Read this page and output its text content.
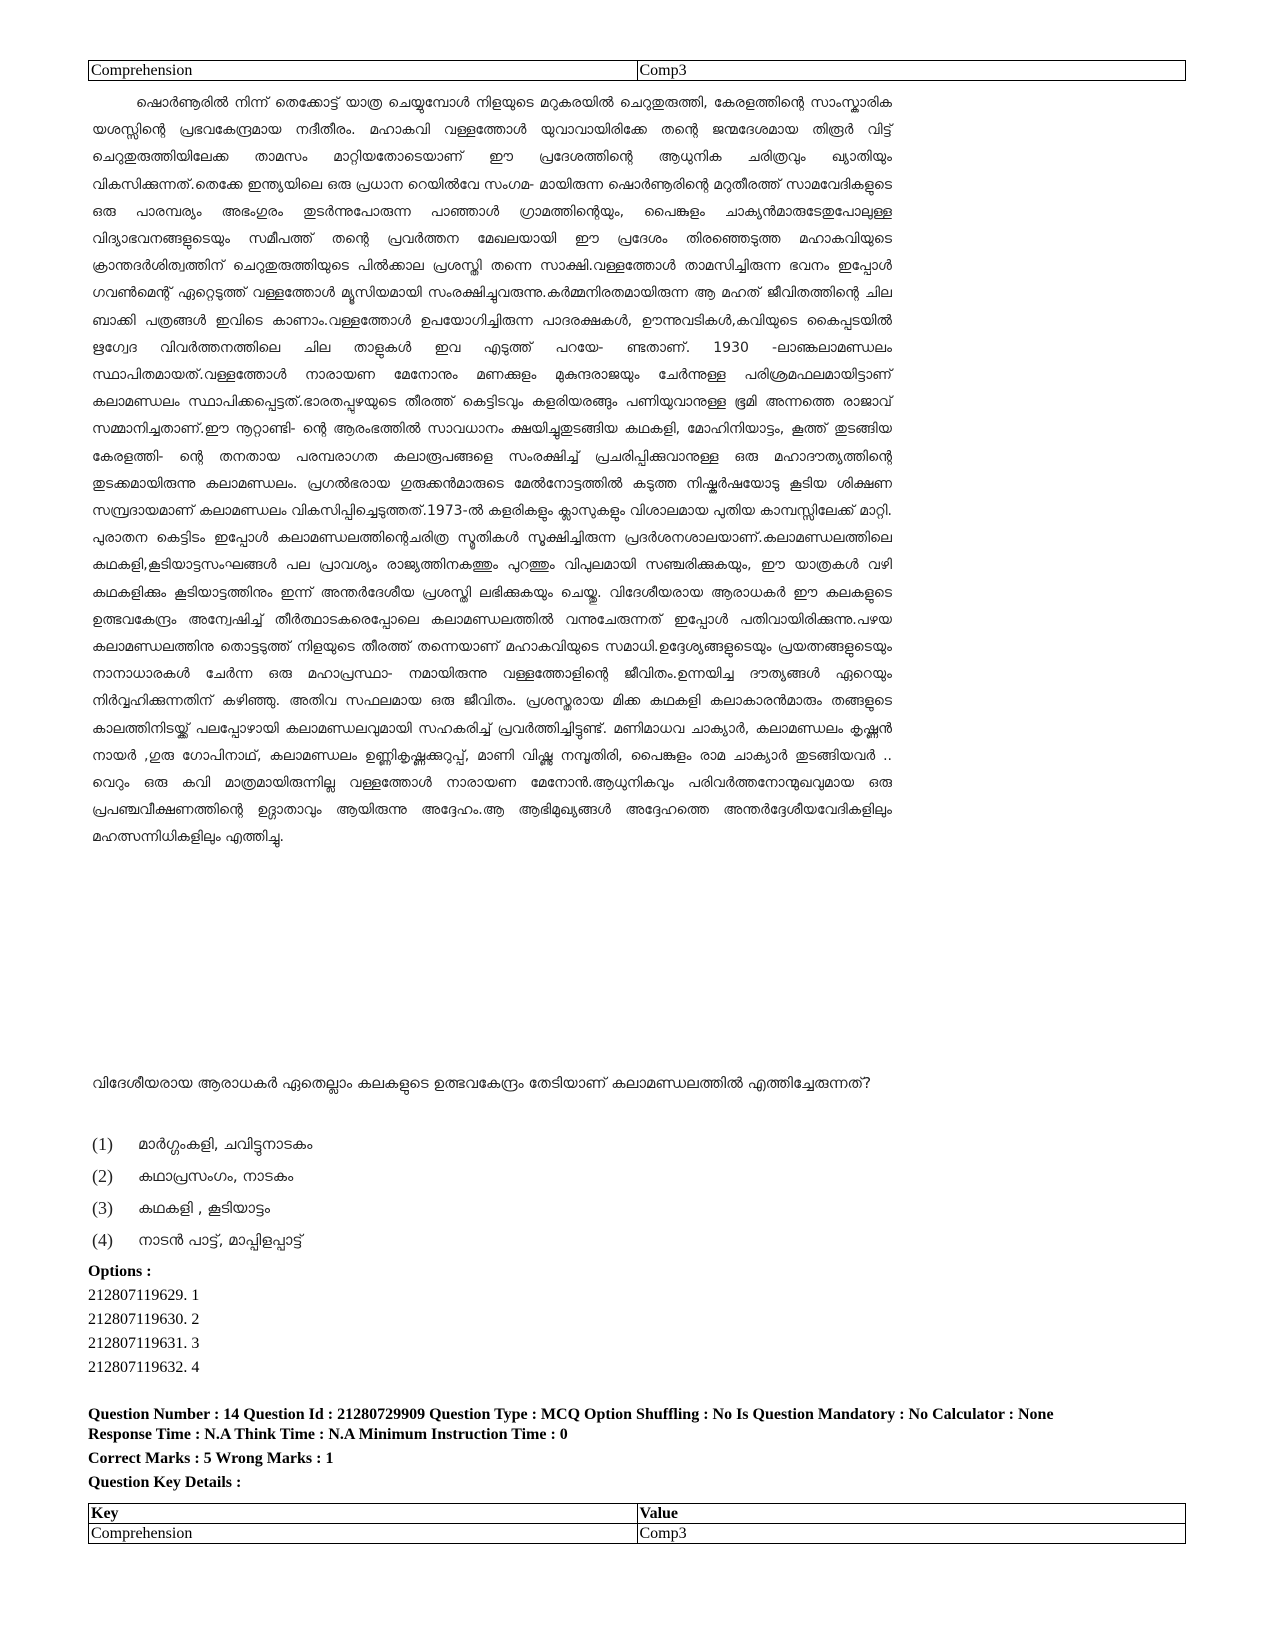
Comprehension	Comp3

ഷൊർണൂരിൽ നിന്ന് തെക്കോട്ട് യാത്ര ചെയ്യുമ്പോൾ നിളയുടെ മറുകരയിൽ ചെറുതുരുത്തി, കേരളത്തിന്റെ സാംസ്കാരിക യശസ്സിന്റെ പ്രഭവകേന്ദ്രമായ നദീതീരം. മഹാകവി വള്ളത്തോൾ യുവാവായിരിക്കേ തന്റെ ജന്മദേശമായ തിരൂർ വിട്ട് ചെറുതുരുത്തിയിലേക്ക താമസം മാറ്റിയതോടെയാണ് ഈ പ്രദേശത്തിന്റെ ആധുനിക ചരിത്രവും ഖ്യാതിയും വികസിക്കുന്നത്.തെക്കേ ഇന്ത്യയിലെ ഒരു പ്രധാന റെയിൽവേ സംഗമ- മായിരുന്ന ഷൊർണൂരിന്റെ മറുതീരത്ത് സാമവേദികളുടെ ഒരു പാരമ്പര്യം അഭംഗുരം തുടർന്നുപോരുന്ന പാഞ്ഞാൾ ഗ്രാമത്തിന്റെയും, പൈങ്കുളം ചാക്യൻമാരുടേതുപോലുള്ള വിദ്യാഭവനങ്ങളുടെയും സമീപത്ത് തന്റെ പ്രവർത്തന മേഖലയായി ഈ പ്രദേശം തിരഞ്ഞെടുത്ത മഹാകവിയുടെ ക്രാന്തദർശിത്വത്തിന് ചെറുതുരുത്തിയുടെ പിൽക്കാല പ്രശസ്തി തന്നെ സാക്ഷി.വള്ളത്തോൾ താമസിച്ചിരുന്ന ഭവനം ഇപ്പോൾ ഗവൺമെന്റ് ഏറ്റെടുത്ത് വള്ളത്തോൾ മ്യൂസിയമായി സംരക്ഷിച്ചുവരുന്നു.കർമ്മനിരതമായിരുന്ന ആ മഹത് ജീവിതത്തിന്റെ ചില ബാക്കി പത്രങ്ങൾ ഇവിടെ കാണാം.വള്ളത്തോൾ ഉപയോഗിച്ചിരുന്ന പാദരക്ഷകൾ, ഊന്നുവടികൾ,കവിയുടെ കൈപ്പടയിൽ ഋഗ്വേദ വിവർത്തനത്തിലെ ചില താളുകൾ ഇവ എടുത്ത് പറയേ- ണ്ടതാണ്. 1930 -ലാണ്കലാമണ്ഡലം സ്ഥാപിതമായത്.വള്ളത്തോൾ നാരായണ മേനോനും മണക്കുളം മുകുന്ദരാജയും ചേർന്നുള്ള പരിശ്രമഫലമായിട്ടാണ് കലാമണ്ഡലം സ്ഥാപിക്കപ്പെട്ടത്.ഭാരതപ്പുഴയുടെ തീരത്ത് കെട്ടിടവും കളരിയരങ്ങും പണിയുവാനുള്ള ഭൂമി അന്നത്തെ രാജാവ് സമ്മാനിച്ചതാണ്.ഈ നൂറ്റാണ്ടി- ന്റെ ആരംഭത്തിൽ സാവധാനം ക്ഷയിച്ചുതുടങ്ങിയ കഥകളി, മോഹിനിയാട്ടം, കൂത്ത് തുടങ്ങിയ കേരളത്തി- ന്റെ തനതായ പരമ്പരാഗത കലാരൂപങ്ങളെ സംരക്ഷിച്ച് പ്രചരിപ്പിക്കുവാനുള്ള ഒരു മഹാദൗത്യത്തിന്റെ തുടക്കമായിരുന്നു കലാമണ്ഡലം. പ്രഗൽഭരായ ഗുരുക്കൻമാരുടെ മേൽനോട്ടത്തിൽ കടുത്ത നിഷ്കർഷയോടു കൂടിയ ശിക്ഷണ സമ്പ്രദായമാണ് കലാമണ്ഡലം വികസിപ്പിച്ചെടുത്തത്.1973-ൽ കളരികളും ക്ലാസുകളും വിശാലമായ പുതിയ കാമ്പസ്സിലേക്ക് മാറ്റി. പുരാതന കെട്ടിടം ഇപ്പോൾ കലാമണ്ഡലത്തിന്റെചരിത്ര സ്മൃതികൾ സൂക്ഷിച്ചിരുന്ന പ്രദർശനശാലയാണ്.കലാമണ്ഡലത്തിലെ കഥകളി,കൂടിയാട്ടസംഘങ്ങൾ പല പ്രാവശ്യം രാജ്യത്തിനകത്തും പുറത്തും വിപുലമായി സഞ്ചരിക്കുകയും, ഈ യാത്രകൾ വഴി കഥകളിക്കും കൂടിയാട്ടത്തിനും ഇന്ന് അന്തർദേശീയ പ്രശസ്തി ലഭിക്കുകയും ചെയ്തു. വിദേശീയരായ ആരാധകർ ഈ കലകളുടെ ഉത്ഭവകേന്ദ്രം അന്വേഷിച്ച് തീർത്ഥാടകരെപ്പോലെ കലാമണ്ഡലത്തിൽ വന്നുചേരുന്നത് ഇപ്പോൾ പതിവായിരിക്കുന്നു.പഴയ കലാമണ്ഡലത്തിനു തൊട്ടടുത്ത് നിളയുടെ തീരത്ത് തന്നെയാണ് മഹാകവിയുടെ സമാധി.ഉദ്ദേശ്യങ്ങളുടെയും പ്രയത്നങ്ങളുടെയും നാനാധാരകൾ ചേർന്ന ഒരു മഹാപ്രസ്ഥാ- നമായിരുന്നു വള്ളത്തോളിന്റെ ജീവിതം.ഉന്നയിച്ച ദൗത്യങ്ങൾ ഏറെയും നിർവ്വഹിക്കുന്നതിന് കഴിഞ്ഞു. അതിവ സഫലമായ ഒരു ജീവിതം. പ്രശസ്തരായ മിക്ക കഥകളി കലാകാരൻമാരും തങ്ങളുടെ കാലത്തിനിടയ്ക്ക് പലപ്പോഴായി കലാമണ്ഡലവുമായി സഹകരിച്ച് പ്രവർത്തിച്ചിട്ടുണ്ട്. മണിമാധവ ചാക്യാർ, കലാമണ്ഡലം കൃഷ്ണൻ നായർ ,ഗുരു ഗോപിനാഥ്, കലാമണ്ഡലം ഉണ്ണികൃഷ്ണക്കുറുപ്പ്, മാണി വിഷ്ണു നമ്പൂതിരി, പൈങ്കുളം രാമ ചാക്യാർ തുടങ്ങിയവർ .. വെറും ഒരു കവി മാത്രമായിരുന്നില്ല വള്ളത്തോൾ നാരായണ മേനോൻ.ആധുനികവും പരിവർത്തനോന്മുഖവുമായ ഒരു പ്രപഞ്ചവീക്ഷണത്തിന്റെ ഉദ്ഗാതാവും ആയിരുന്നു അദ്ദേഹം.ആ ആഭിമുഖ്യങ്ങൾ അദ്ദേഹത്തെ അന്തർദ്ദേശീയവേദികളിലും മഹത്സന്നിധികളിലും എത്തിച്ചു.

വിദേശീയരായ ആരാധകർ ഏതെല്ലാം കലകളുടെ ഉത്ഭവകേന്ദ്രം തേടിയാണ് കലാമണ്ഡലത്തിൽ എത്തിച്ചേരുന്നത്?

(1)	മാർഗ്ഗംകളി, ചവിട്ടുനാടകം
(2)	കഥാപ്രസംഗം, നാടകം
(3)	കഥകളി , കൂടിയാട്ടം
(4)	നാടൻ പാട്ട്, മാപ്പിളപ്പാട്ട്
Options :
212807119629. 1
212807119630. 2
212807119631. 3
212807119632. 4
Question Number : 14 Question Id : 21280729909 Question Type : MCQ Option Shuffling : No Is Question Mandatory : No Calculator : None
Response Time : N.A Think Time : N.A Minimum Instruction Time : 0
Correct Marks : 5 Wrong Marks : 1
Question Key Details :
Key	Value
Comprehension	Comp3
